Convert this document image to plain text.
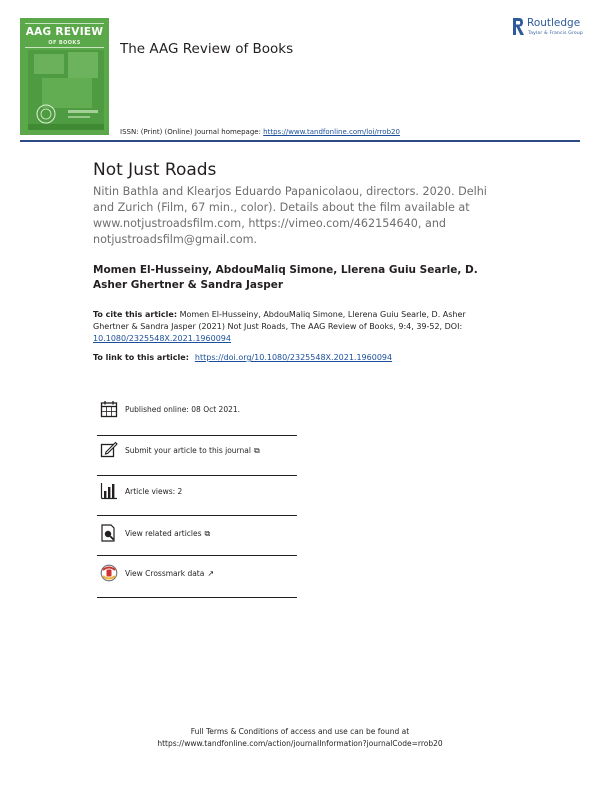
AAG REVIEW
OF BOOKS	The AAG Review of Books
Routledge
Taylor & Francis Group
ISSN: (Print) (Online) Journal homepage: https://www.tandfonline.com/loi/rrob20
Not Just Roads
Nitin Bathla and Klearjos Eduardo Papanicolaou, directors. 2020. Delhi and Zurich (Film, 67 min., color). Details about the film available at www.notjustroadsfilm.com, https://vimeo.com/462154640, and notjustroadsfilm@gmail.com.
Momen El-Husseiny, AbdouMaliq Simone, Llerena Guiu Searle, D. Asher Ghertner & Sandra Jasper
To cite this article: Momen El-Husseiny, AbdouMaliq Simone, Llerena Guiu Searle, D. Asher Ghertner & Sandra Jasper (2021) Not Just Roads, The AAG Review of Books, 9:4, 39-52, DOI: 10.1080/2325548X.2021.1960094
To link to this article: https://doi.org/10.1080/2325548X.2021.1960094
Published online: 08 Oct 2021.
Submit your article to this journal ⧉
Article views: 2
View related articles ⧉
View Crossmark data ↗
Full Terms & Conditions of access and use can be found at
https://www.tandfonline.com/action/journalInformation?journalCode=rrob20
